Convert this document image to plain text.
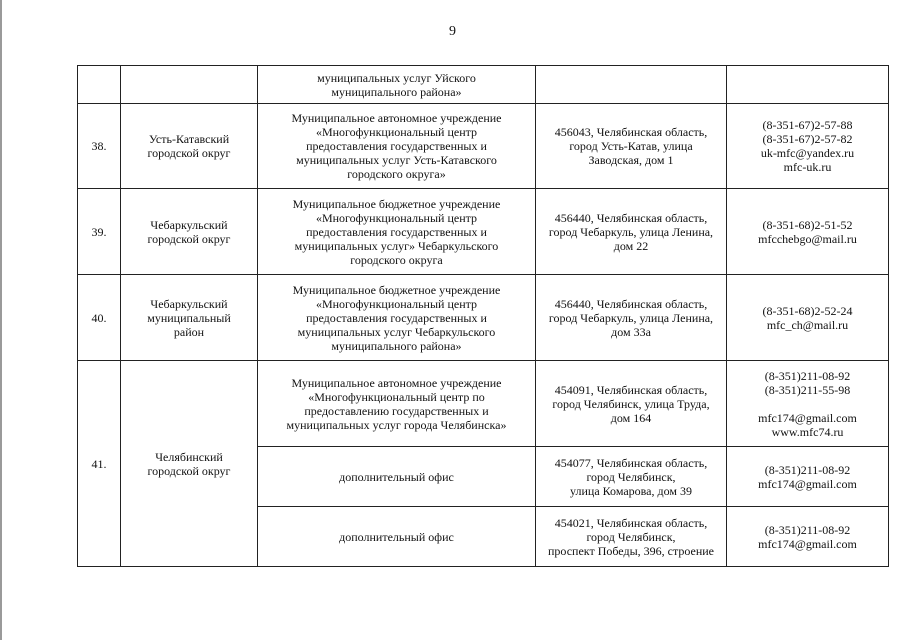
9

		муниципальных услуг Уйского
муниципального района»		

38.	Усть-Катавский
городской округ	Муниципальное автономное учреждение
«Многофункциональный центр
предоставления государственных и
муниципальных услуг Усть-Катавского
городского округа»	456043, Челябинская область,
город Усть-Катав, улица
Заводская, дом 1	(8-351-67)2-57-88
(8-351-67)2-57-82
uk-mfc@yandex.ru
mfc-uk.ru

39.	Чебаркульский
городской округ	Муниципальное бюджетное учреждение
«Многофункциональный центр
предоставления государственных и
муниципальных услуг» Чебаркульского
городского округа	456440, Челябинская область,
город Чебаркуль, улица Ленина,
дом 22	(8-351-68)2-51-52
mfcchebgo@mail.ru

40.	Чебаркульский
муниципальный
район	Муниципальное бюджетное учреждение
«Многофункциональный центр
предоставления государственных и
муниципальных услуг Чебаркульского
муниципального района»	456440, Челябинская область,
город Чебаркуль, улица Ленина,
дом 33а	(8-351-68)2-52-24
mfc_ch@mail.ru

41.	Челябинский
городской округ	Муниципальное автономное учреждение
«Многофункциональный центр по
предоставлению государственных и
муниципальных услуг города Челябинска»	454091, Челябинская область,
город Челябинск, улица Труда,
дом 164	(8-351)211-08-92
(8-351)211-55-98
mfc174@gmail.com
www.mfc74.ru

		дополнительный офис	454077, Челябинская область,
город Челябинск,
улица Комарова, дом 39	(8-351)211-08-92
mfc174@gmail.com

		дополнительный офис	454021, Челябинская область,
город Челябинск,
проспект Победы, 396, строение	(8-351)211-08-92
mfc174@gmail.com
